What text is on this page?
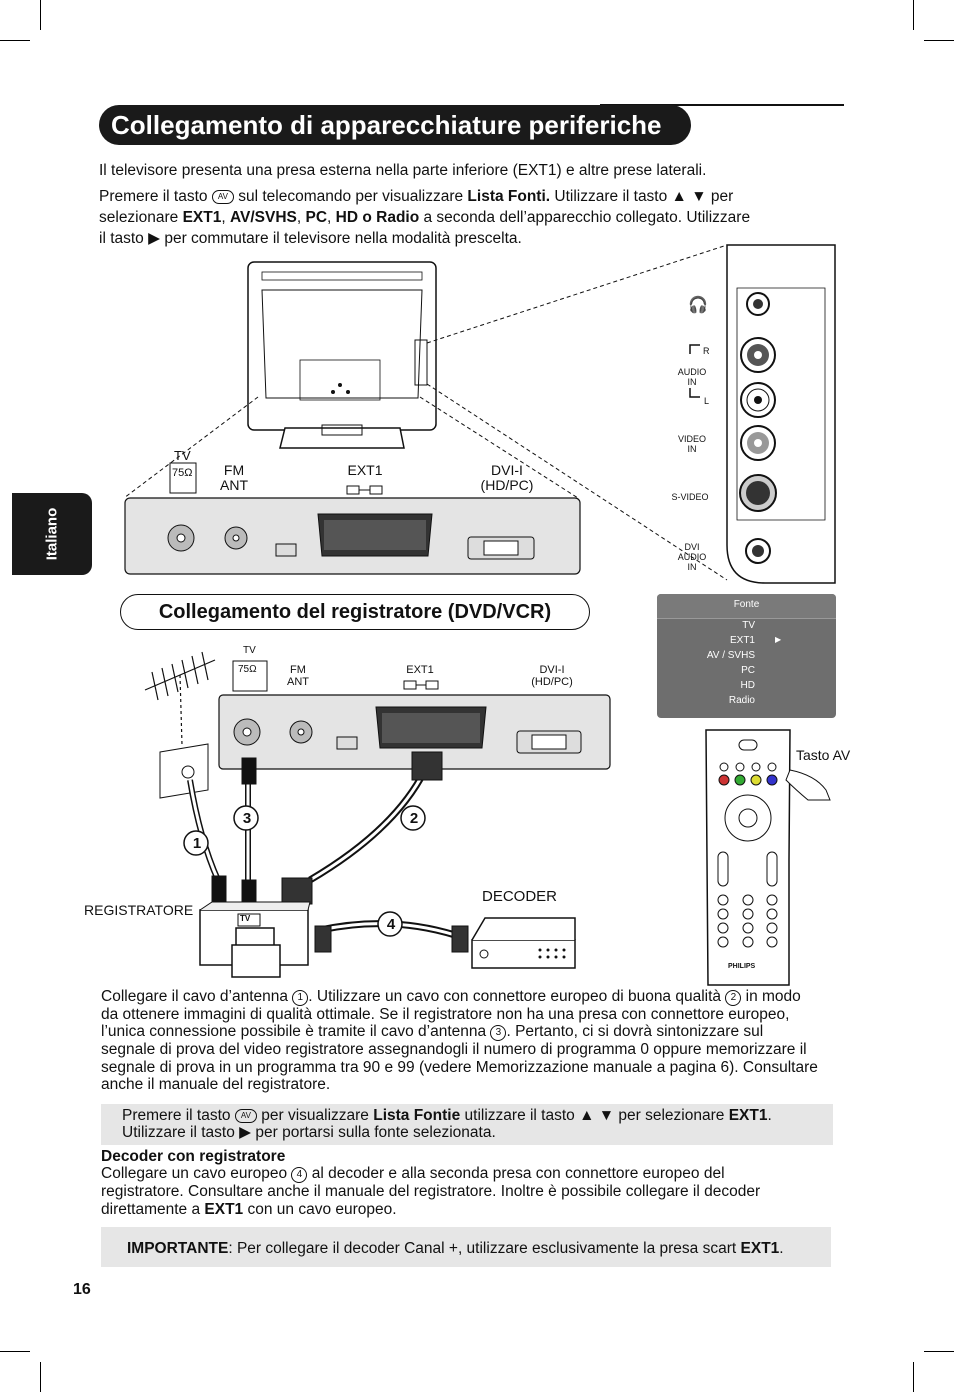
Collegamento di apparecchiature periferiche
Italiano
Il televisore presenta una presa esterna nella parte inferiore (EXT1) e altre prese laterali.
Premere il tasto AV sul telecomando per visualizzare Lista Fonti. Utilizzare il tasto ▲ ▼ per
selezionare EXT1, AV/SVHS, PC, HD o Radio a seconda dell’apparecchio collegato. Utilizzare
il tasto ▶ per commutare il televisore nella modalità prescelta.
TV
75Ω	FM
ANT
EXT1	DVI-I
(HD/PC)
🎧
R
AUDIO
IN
L
VIDEO
IN
S-VIDEO
DVI
AUDIO
IN
Collegamento del registratore (DVD/VCR)	Fonte
TV
EXT1	▶
AV / SVHS
PC
HD
Radio
TV
75Ω	FM
ANT
EXT1	DVI-I
(HD/PC)
1
2
3
4
REGISTRATORE
DECODER
Tasto AV
TV
PHILIPS
Collegare il cavo d’antenna 1 . Utilizzare un cavo con connettore europeo di buona qualità 2 in modo
da ottenere immagini di qualità ottimale. Se il registratore non ha una presa con connettore europeo,
l’unica connessione possibile è tramite il cavo d’antenna 3 . Pertanto, ci si dovrà sintonizzare sul
segnale di prova del video registratore assegnandogli il numero di programma 0 oppure memorizzare il
segnale di prova in un programma tra 90 e 99 (vedere Memorizzazione manuale a pagina 6). Consultare
anche il manuale del registratore.
Premere il tasto AV per visualizzare Lista Fontie utilizzare il tasto ▲ ▼ per selezionare EXT1.
Utilizzare il tasto ▶ per portarsi sulla fonte selezionata.
Decoder con registratore
Collegare un cavo europeo 4 al decoder e alla seconda presa con connettore europeo del
registratore. Consultare anche il manuale del registratore. Inoltre è possibile collegare il decoder
direttamente a EXT1 con un cavo europeo.
IMPORTANTE: Per collegare il decoder Canal +, utilizzare esclusivamente la presa scart EXT1.
16
